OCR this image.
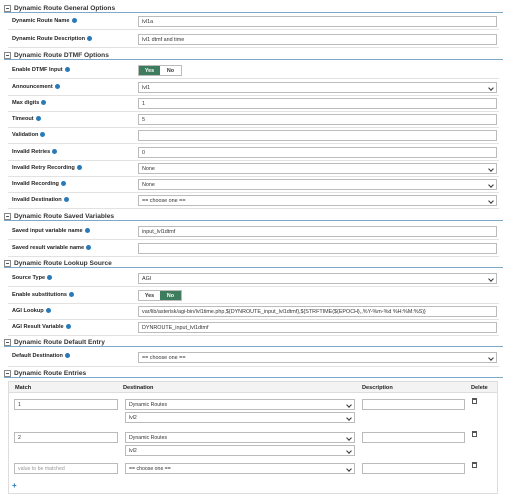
Dynamic Route General Options
Dynamic Route Name	lvl1a
Dynamic Route Description	lvl1 dtmf and time
Dynamic Route DTMF Options
Enable DTMF Input	Yes	No
Announcement	lvl1
Max digits	1
Timeout	5
Validation
Invalid Retries	0
Invalid Retry Recording	None
Invalid Recording	None
Invalid Destination	== choose one ==
Dynamic Route Saved Variables
Saved input variable name	input_lvl1dtmf
Saved result variable name
Dynamic Route Lookup Source
Source Type	AGI
Enable substitutions	Yes	No
AGI Lookup	var/lib/asterisk/agi-bin/lvl1time.php,${DYNROUTE_input_lvl1dtmf},${STRFTIME(${EPOCH},,%Y-%m-%d %H:%M:%S)}
AGI Result Variable	DYNROUTE_input_lvl1dtmf
Dynamic Route Default Entry
Default Destination	== choose one ==
Dynamic Route Entries
Match	Destination	Description	Delete
1	Dynamic Routes
lvl2
2	Dynamic Routes
lvl2
value to be matched	== choose one ==
+
